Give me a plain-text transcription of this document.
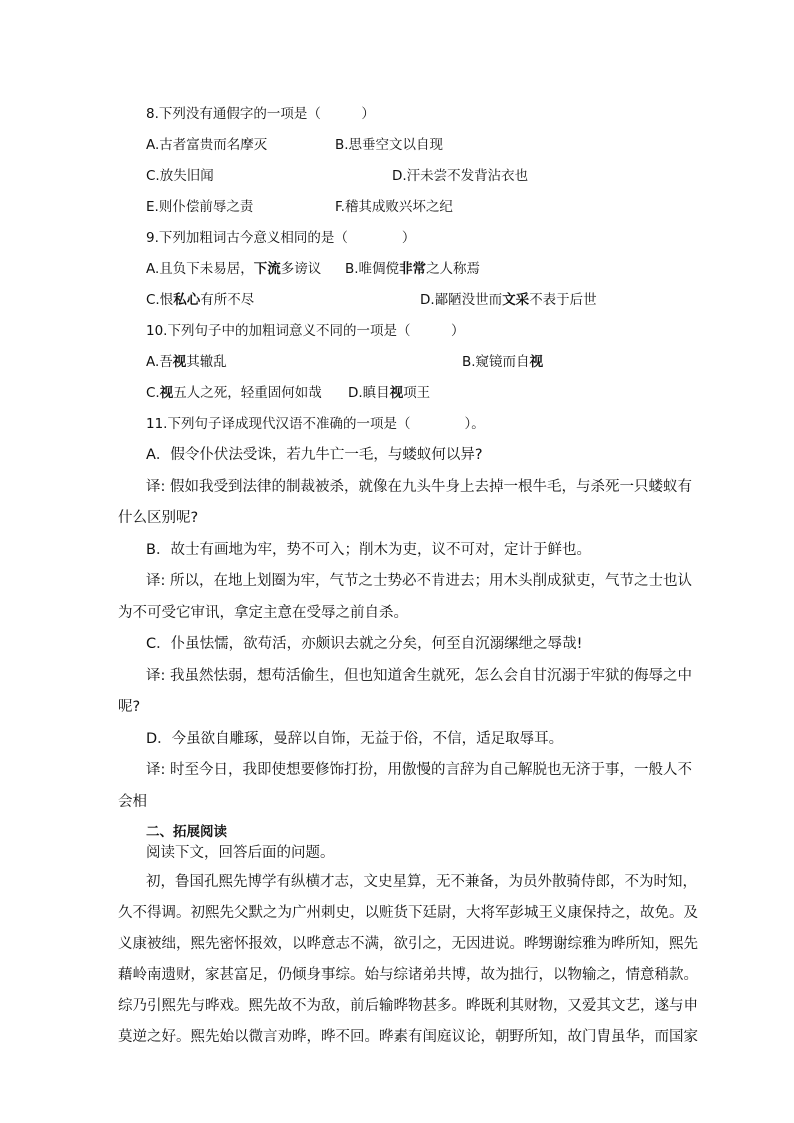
8.下列没有通假字的一项是（　　　）
A.古者富贵而名摩灭	B.思垂空文以自现
C.放失旧闻	D.汗未尝不发背沾衣也
E.则仆偿前辱之责	F.稽其成败兴坏之纪
9.下列加粗词古今意义相同的是（　　　　）
A.且负下未易居，下流多谤议 B.唯倜傥非常之人称焉
C.恨私心有所不尽	D.鄙陋没世而文采不表于后世
10.下列句子中的加粗词意义不同的一项是（　　　）
A.吾视其辙乱	B.窥镜而自视
C.视五人之死，轻重固何如哉 D.瞋目视项王
11.下列句子译成现代汉语不准确的一项是（　　　　）。
A．假令仆伏法受诛，若九牛亡一毛，与蝼蚁何以异?
译: 假如我受到法律的制裁被杀，就像在九头牛身上去掉一根牛毛，与杀死一只蝼蚁有
什么区别呢?
B．故士有画地为牢，势不可入；削木为吏，议不可对，定计于鲜也。
译: 所以，在地上划圈为牢，气节之士势必不肯进去；用木头削成狱吏，气节之士也认
为不可受它审讯，拿定主意在受辱之前自杀。
C．仆虽怯懦，欲苟活，亦颇识去就之分矣，何至自沉溺缧绁之辱哉!
译: 我虽然怯弱，想苟活偷生，但也知道舍生就死，怎么会自甘沉溺于牢狱的侮辱之中
呢?
D．今虽欲自雕琢，曼辞以自饰，无益于俗，不信，适足取辱耳。
译: 时至今日，我即使想要修饰打扮，用傲慢的言辞为自己解脱也无济于事，一般人不
会相
二、拓展阅读
阅读下文，回答后面的问题。
初，鲁国孔熙先博学有纵横才志，文史星算，无不兼备，为员外散骑侍郎，不为时知，
久不得调。初熙先父默之为广州刺史，以赃货下廷尉，大将军彭城王义康保持之，故免。及
义康被绌，熙先密怀报效，以晔意志不满，欲引之，无因进说。晔甥谢综雅为晔所知，熙先
藉岭南遗财，家甚富足，仍倾身事综。始与综诸弟共博，故为拙行，以物输之，情意稍款。
综乃引熙先与晔戏。熙先故不为敌，前后输晔物甚多。晔既利其财物，又爱其文艺，遂与申
莫逆之好。熙先始以微言劝晔，晔不回。晔素有闺庭议论，朝野所知，故门胄虽华，而国家
